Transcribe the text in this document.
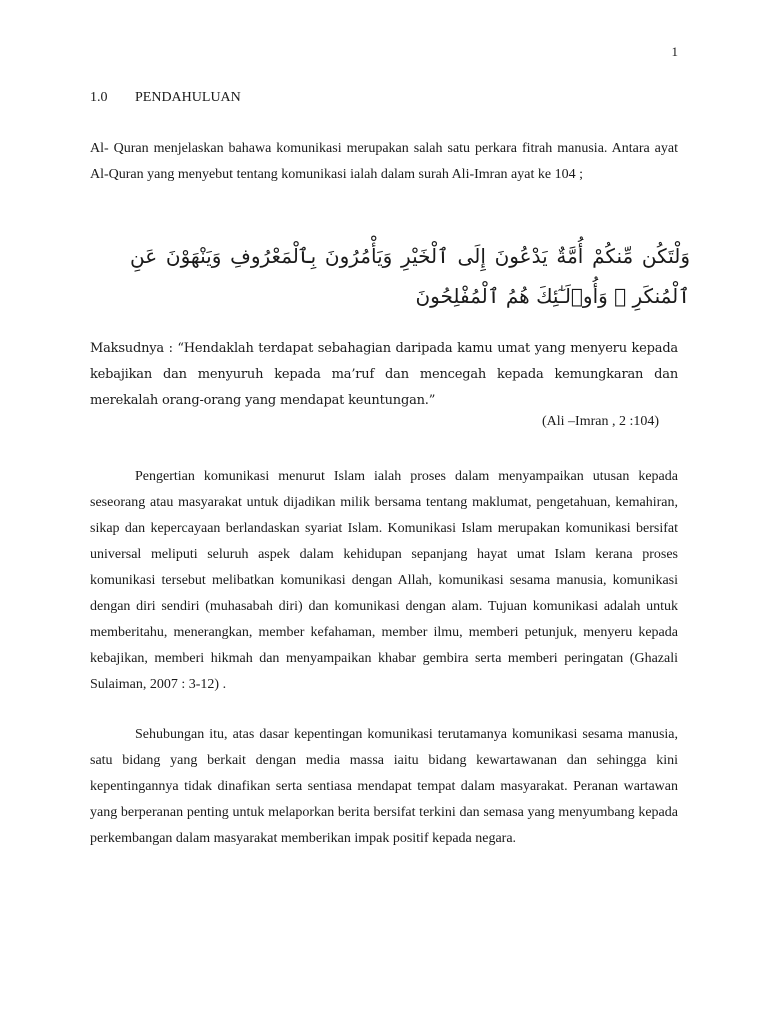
1
1.0	PENDAHULUAN

Al- Quran menjelaskan bahawa komunikasi merupakan salah satu perkara fitrah manusia. Antara ayat Al-Quran yang menyebut tentang komunikasi ialah dalam surah Ali-Imran ayat ke 104 ;

وَلْتَكُن مِّنكُمْ أُمَّةٌ يَدْعُونَ إِلَى ٱلْخَيْرِ وَيَأْمُرُونَ بِٱلْمَعْرُوفِ وَيَنْهَوْنَ عَنِ ٱلْمُنكَرِ ۚ وَأُو۟لَـٰٓئِكَ هُمُ ٱلْمُفْلِحُونَ

Maksudnya : “Hendaklah terdapat sebahagian daripada kamu umat yang menyeru kepada kebajikan dan menyuruh kepada ma’ruf dan mencegah kepada kemungkaran dan merekalah orang-orang yang mendapat keuntungan.”

(Ali –Imran , 2 :104)

Pengertian komunikasi menurut Islam ialah proses dalam menyampaikan utusan kepada seseorang atau masyarakat untuk dijadikan milik bersama tentang maklumat, pengetahuan, kemahiran, sikap dan kepercayaan berlandaskan syariat Islam. Komunikasi Islam merupakan komunikasi bersifat universal meliputi seluruh aspek dalam kehidupan sepanjang hayat umat Islam kerana proses komunikasi tersebut melibatkan komunikasi dengan Allah, komunikasi sesama manusia, komunikasi dengan diri sendiri (muhasabah diri) dan komunikasi dengan alam. Tujuan komunikasi adalah untuk memberitahu, menerangkan, member kefahaman, member ilmu, memberi petunjuk, menyeru kepada kebajikan, memberi hikmah dan menyampaikan khabar gembira serta memberi peringatan (Ghazali Sulaiman, 2007 : 3-12) .

Sehubungan itu, atas dasar kepentingan komunikasi terutamanya komunikasi sesama manusia, satu bidang yang berkait dengan media massa iaitu bidang kewartawanan dan sehingga kini kepentingannya tidak dinafikan serta sentiasa mendapat tempat dalam masyarakat. Peranan wartawan yang berperanan penting untuk melaporkan berita bersifat terkini dan semasa yang menyumbang kepada perkembangan dalam masyarakat memberikan impak positif kepada negara.
